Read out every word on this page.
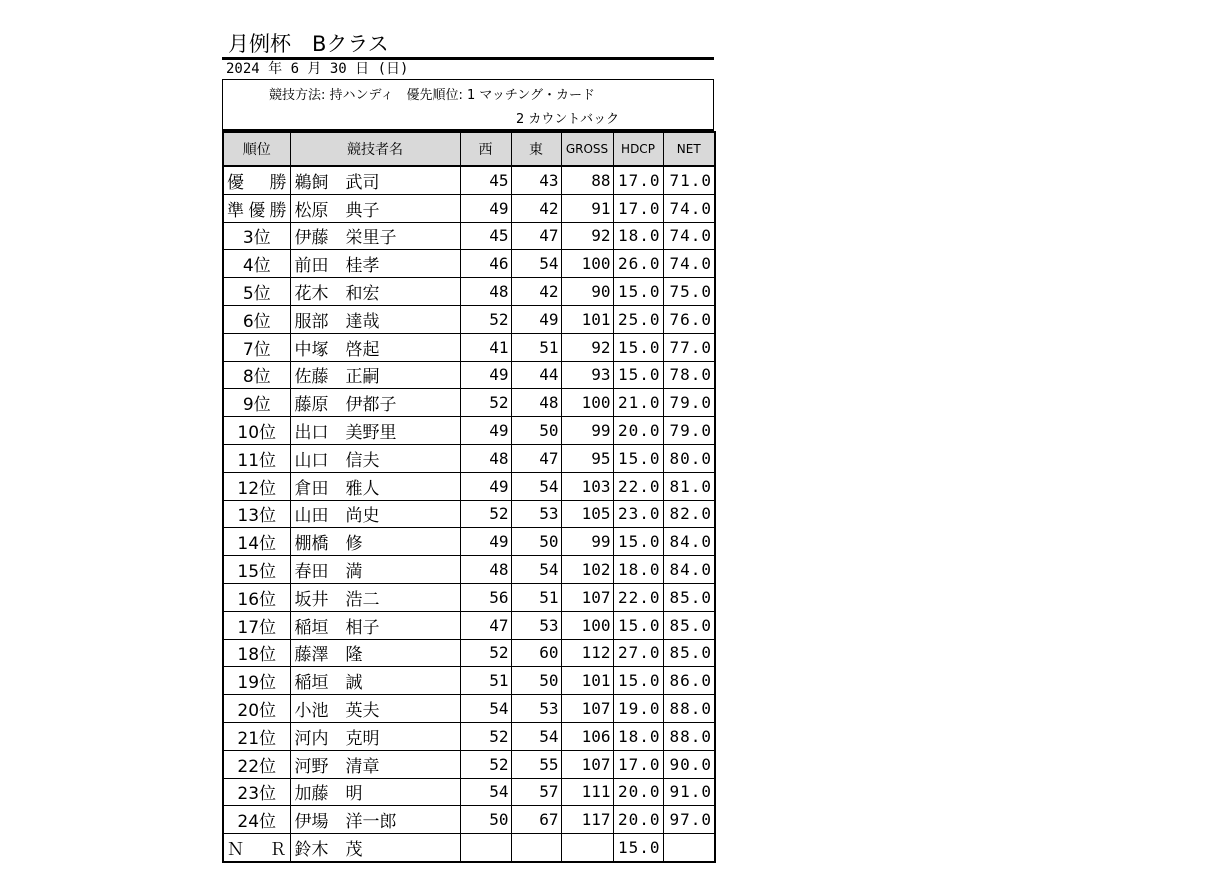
月例杯　Bクラス
2024 年 6 月 30 日 (日)
競技方法: 持ハンディ　優先順位: 1 マッチング・カード
2 カウントバック
順位	競技者名	西	東	GROSS	HDCP	NET
優　勝	鵜飼　武司	45	43	88	17.0	71.0
準優勝	松原　典子	49	42	91	17.0	74.0
3位	伊藤　栄里子	45	47	92	18.0	74.0
4位	前田　桂孝	46	54	100	26.0	74.0
5位	花木　和宏	48	42	90	15.0	75.0
6位	服部　達哉	52	49	101	25.0	76.0
7位	中塚　啓起	41	51	92	15.0	77.0
8位	佐藤　正嗣	49	44	93	15.0	78.0
9位	藤原　伊都子	52	48	100	21.0	79.0
10位	出口　美野里	49	50	99	20.0	79.0
11位	山口　信夫	48	47	95	15.0	80.0
12位	倉田　雅人	49	54	103	22.0	81.0
13位	山田　尚史	52	53	105	23.0	82.0
14位	棚橋　修	49	50	99	15.0	84.0
15位	春田　満	48	54	102	18.0	84.0
16位	坂井　浩二	56	51	107	22.0	85.0
17位	稲垣　相子	47	53	100	15.0	85.0
18位	藤澤　隆	52	60	112	27.0	85.0
19位	稲垣　誠	51	50	101	15.0	86.0
20位	小池　英夫	54	53	107	19.0	88.0
21位	河内　克明	52	54	106	18.0	88.0
22位	河野　清章	52	55	107	17.0	90.0
23位	加藤　明	54	57	111	20.0	91.0
24位	伊場　洋一郎	50	67	117	20.0	97.0
Ｎ　Ｒ	鈴木　茂				15.0	
